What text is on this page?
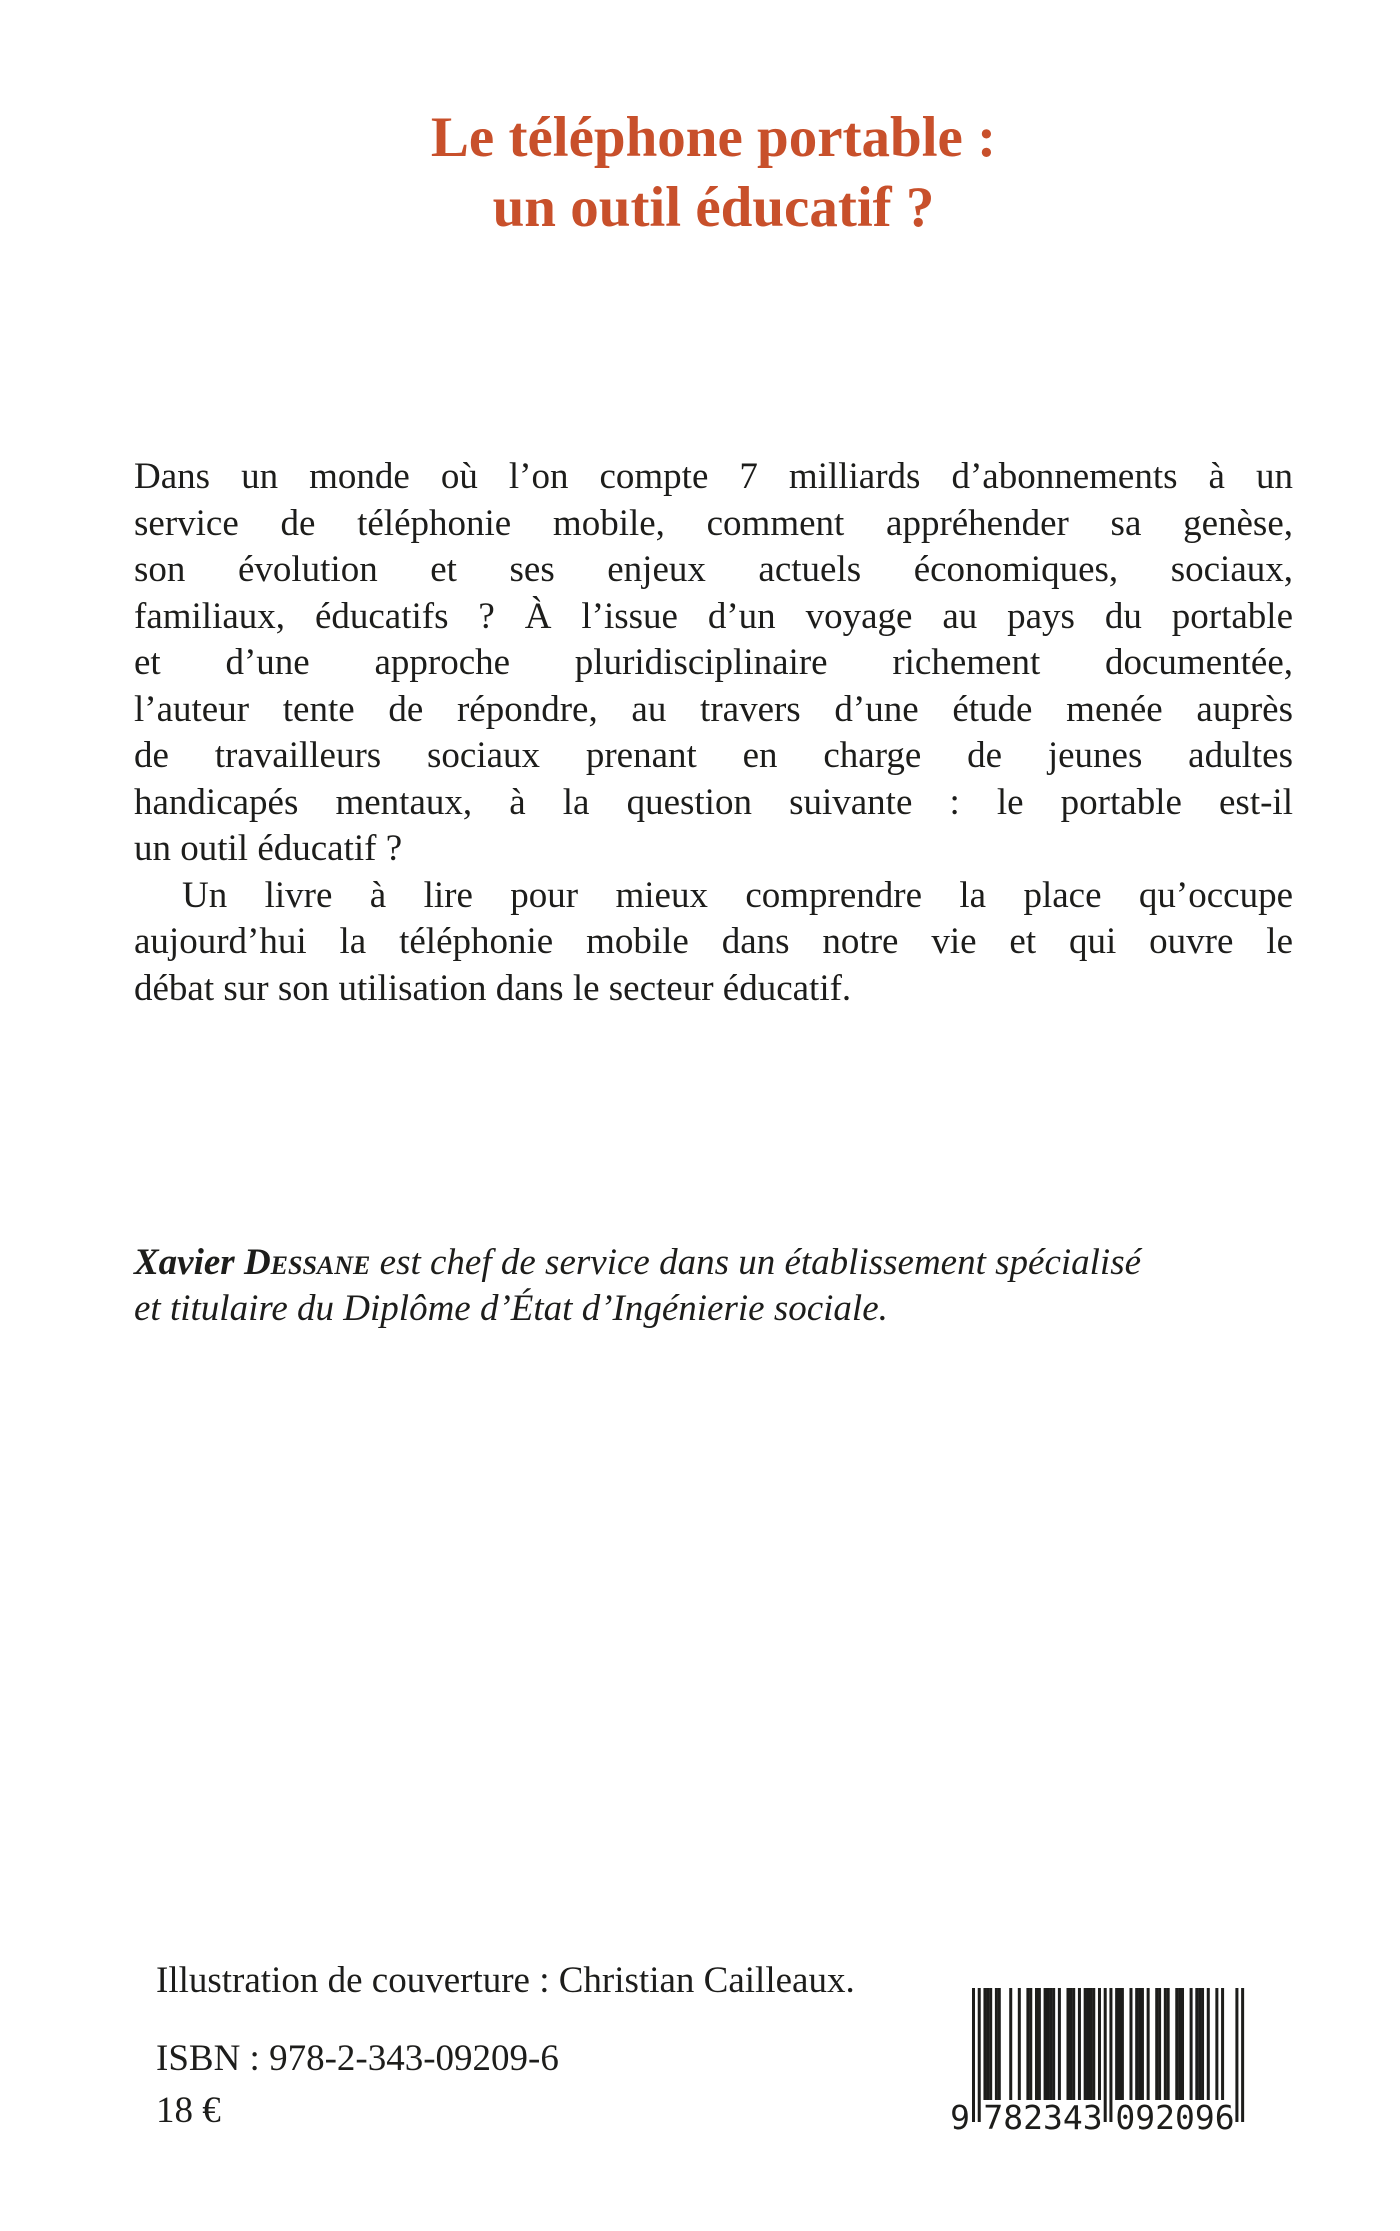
Le téléphone portable :
un outil éducatif ?
Dans un monde où l’on compte 7 milliards d’abonnements à un
service de téléphonie mobile, comment appréhender sa genèse,
son évolution et ses enjeux actuels économiques, sociaux,
familiaux, éducatifs ? À l’issue d’un voyage au pays du portable
et d’une approche pluridisciplinaire richement documentée,
l’auteur tente de répondre, au travers d’une étude menée auprès
de travailleurs sociaux prenant en charge de jeunes adultes
handicapés mentaux, à la question suivante : le portable est-il
un outil éducatif ?
Un livre à lire pour mieux comprendre la place qu’occupe
aujourd’hui la téléphonie mobile dans notre vie et qui ouvre le
débat sur son utilisation dans le secteur éducatif.
Xavier Dessane est chef de service dans un établissement spécialisé
et titulaire du Diplôme d’État d’Ingénierie sociale.
Illustration de couverture : Christian Cailleaux.
ISBN : 978-2-343-09209-6
18 €	9 782343 092096
